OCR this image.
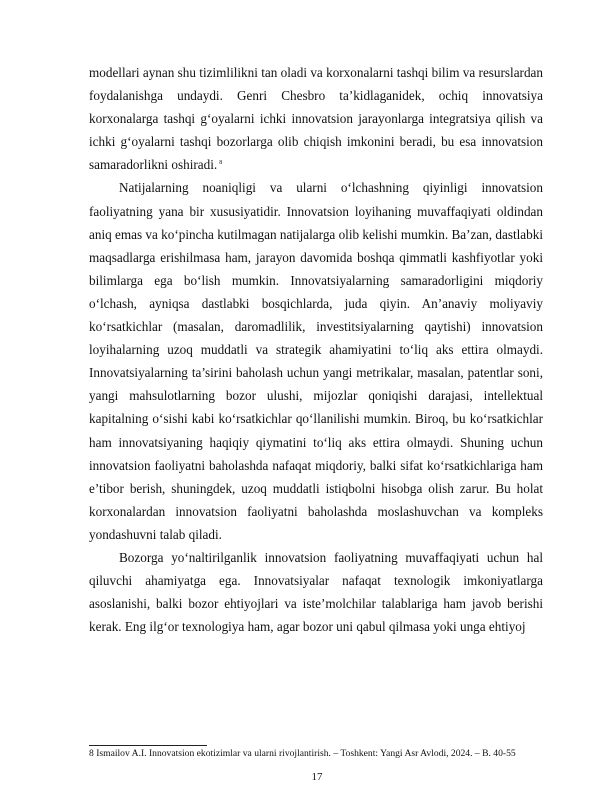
modellari aynan shu tizimlilikni tan oladi va korxonalarni tashqi bilim va resurslardan foydalanishga undaydi. Genri Chesbro ta’kidlaganidek, ochiq innovatsiya korxonalarga tashqi g‘oyalarni ichki innovatsion jarayonlarga integratsiya qilish va ichki g‘oyalarni tashqi bozorlarga olib chiqish imkonini beradi, bu esa innovatsion samaradorlikni oshiradi. $^8$

Natijalarning noaniqligi va ularni o‘lchashning qiyinligi innovatsion faoliyatning yana bir xususiyatidir. Innovatsion loyihaning muvaffaqiyati oldindan aniq emas va ko‘pincha kutilmagan natijalarga olib kelishi mumkin. Ba’zan, dastlabki maqsadlarga erishilmasa ham, jarayon davomida boshqa qimmatli kashfiyotlar yoki bilimlarga ega bo‘lish mumkin. Innovatsiyalarning samaradorligini miqdoriy o‘lchash, ayniqsa dastlabki bosqichlarda, juda qiyin. An’anaviy moliyaviy ko‘rsatkichlar (masalan, daromadlilik, investitsiyalarning qaytishi) innovatsion loyihalarning uzoq muddatli va strategik ahamiyatini to‘liq aks ettira olmaydi. Innovatsiyalarning ta’sirini baholash uchun yangi metrikalar, masalan, patentlar soni, yangi mahsulotlarning bozor ulushi, mijozlar qoniqishi darajasi, intellektual kapitalning o‘sishi kabi ko‘rsatkichlar qo‘llanilishi mumkin. Biroq, bu ko‘rsatkichlar ham innovatsiyaning haqiqiy qiymatini to‘liq aks ettira olmaydi. Shuning uchun innovatsion faoliyatni baholashda nafaqat miqdoriy, balki sifat ko‘rsatkichlariga ham e’tibor berish, shuningdek, uzoq muddatli istiqbolni hisobga olish zarur. Bu holat korxonalardan innovatsion faoliyatni baholashda moslashuvchan va kompleks yondashuvni talab qiladi.

Bozorga yo‘naltirilganlik innovatsion faoliyatning muvaffaqiyati uchun hal qiluvchi ahamiyatga ega. Innovatsiyalar nafaqat texnologik imkoniyatlarga asoslanishi, balki bozor ehtiyojlari va iste’molchilar talablariga ham javob berishi kerak. Eng ilg‘or texnologiya ham, agar bozor uni qabul qilmasa yoki unga ehtiyoj

8 Ismailov A.I. Innovatsion ekotizimlar va ularni rivojlantirish. – Toshkent: Yangi Asr Avlodi, 2024. – B. 40-55
17
